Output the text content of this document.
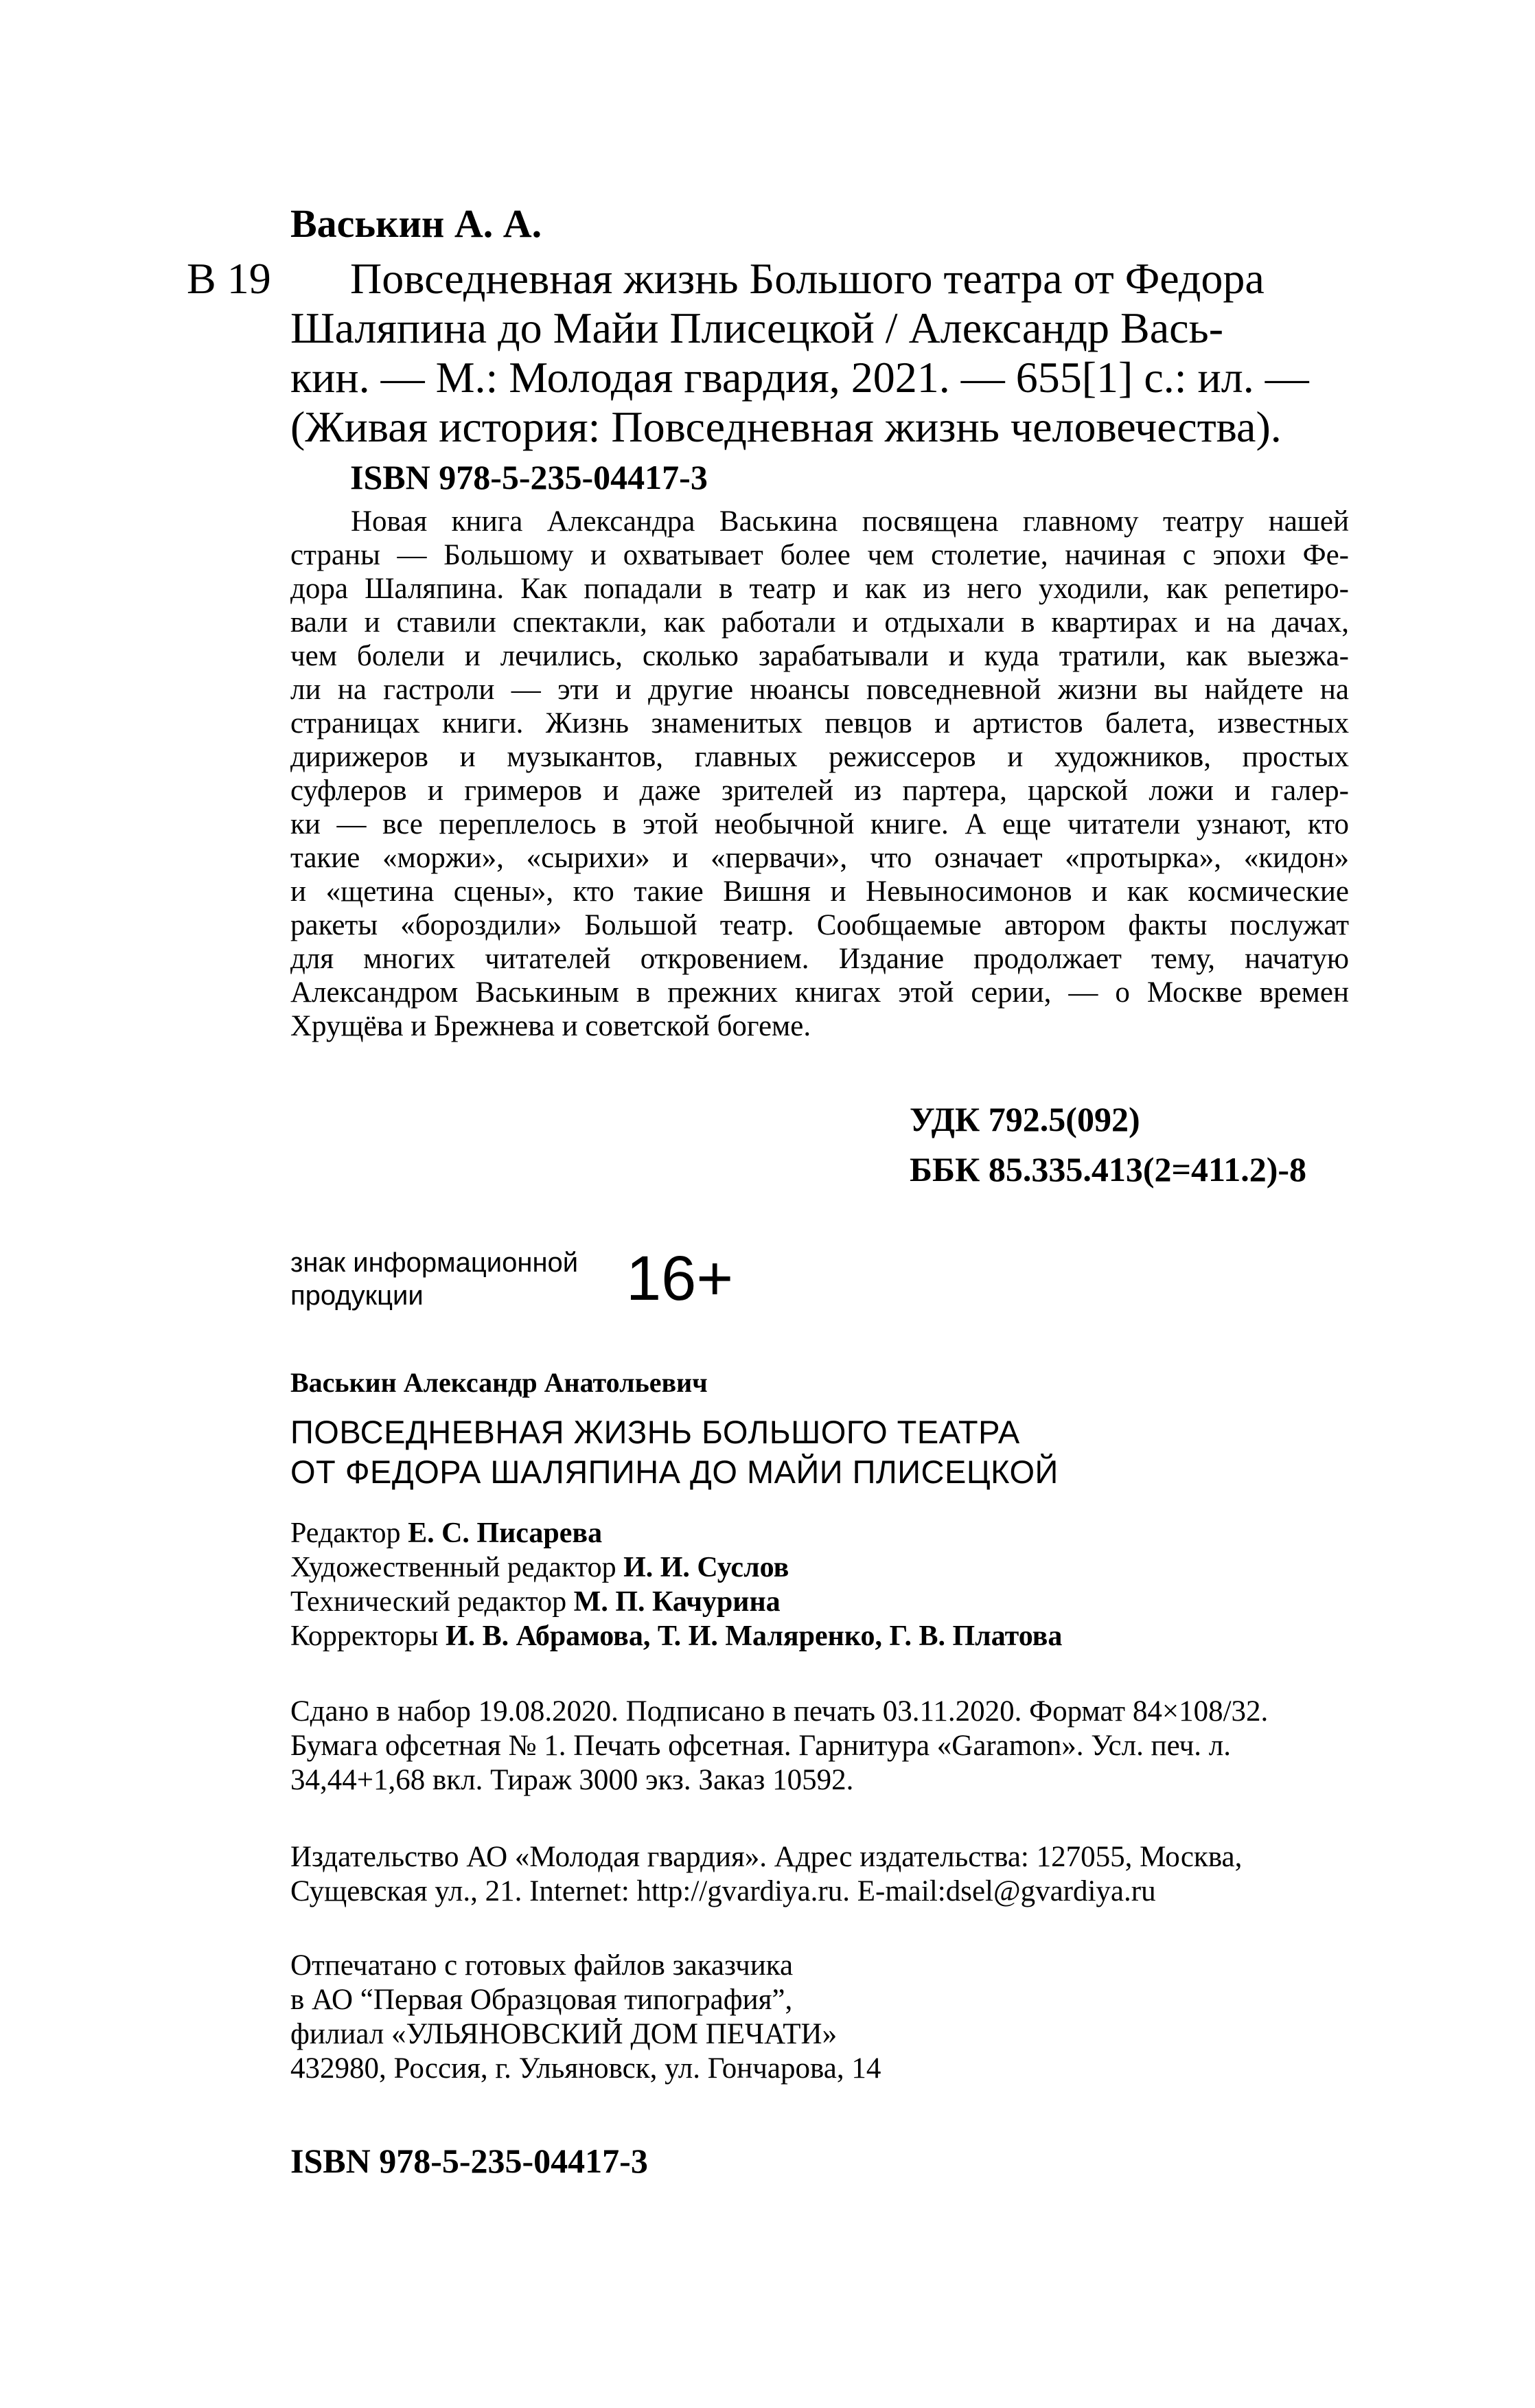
Васькин А. А.
В 19 Повседневная жизнь Большого театра от Федора
Шаляпина до Майи Плисецкой / Александр Вась-
кин. — М.: Молодая гвардия, 2021. — 655[1] с.: ил. —
(Живая история: Повседневная жизнь человечества).
ISBN 978-5-235-04417-3
Новая книга Александра Васькина посвящена главному театру нашей
страны — Большому и охватывает более чем столетие, начиная с эпохи Фе-
дора Шаляпина. Как попадали в театр и как из него уходили, как репетиро-
вали и ставили спектакли, как работали и отдыхали в квартирах и на дачах,
чем болели и лечились, сколько зарабатывали и куда тратили, как выезжа-
ли на гастроли — эти и другие нюансы повседневной жизни вы найдете на
страницах книги. Жизнь знаменитых певцов и артистов балета, известных
дирижеров и музыкантов, главных режиссеров и художников, простых
суфлеров и гримеров и даже зрителей из партера, царской ложи и галер-
ки — все переплелось в этой необычной книге. А еще читатели узнают, кто
такие «моржи», «сырихи» и «первачи», что означает «протырка», «кидон»
и «щетина сцены», кто такие Вишня и Невыносимонов и как космические
ракеты «бороздили» Большой театр. Сообщаемые автором факты послужат
для многих читателей откровением. Издание продолжает тему, начатую
Александром Васькиным в прежних книгах этой серии, — о Москве времен
Хрущёва и Брежнева и советской богеме.
УДК 792.5(092)
ББК 85.335.413(2=411.2)-8
знак информационной
продукции	16+
Васькин Александр Анатольевич
ПОВСЕДНЕВНАЯ ЖИЗНЬ БОЛЬШОГО ТЕАТРА
ОТ ФЕДОРА ШАЛЯПИНА ДО МАЙИ ПЛИСЕЦКОЙ
Редактор Е. С. Писарева
Художественный редактор И. И. Суслов
Технический редактор М. П. Качурина
Корректоры И. В. Абрамова, Т. И. Маляренко, Г. В. Платова
Сдано в набор 19.08.2020. Подписано в печать 03.11.2020. Формат 84×108/32.
Бумага офсетная № 1. Печать офсетная. Гарнитура «Garamon». Усл. печ. л.
34,44+1,68 вкл. Тираж 3000 экз. Заказ 10592.
Издательство АО «Молодая гвардия». Адрес издательства: 127055, Москва,
Сущевская ул., 21. Internet: http://gvardiya.ru. E-mail:dsel@gvardiya.ru
Отпечатано с готовых файлов заказчика
в АО “Первая Образцовая типография”,
филиал «УЛЬЯНОВСКИЙ ДОМ ПЕЧАТИ»
432980, Россия, г. Ульяновск, ул. Гончарова, 14
ISBN 978-5-235-04417-3
